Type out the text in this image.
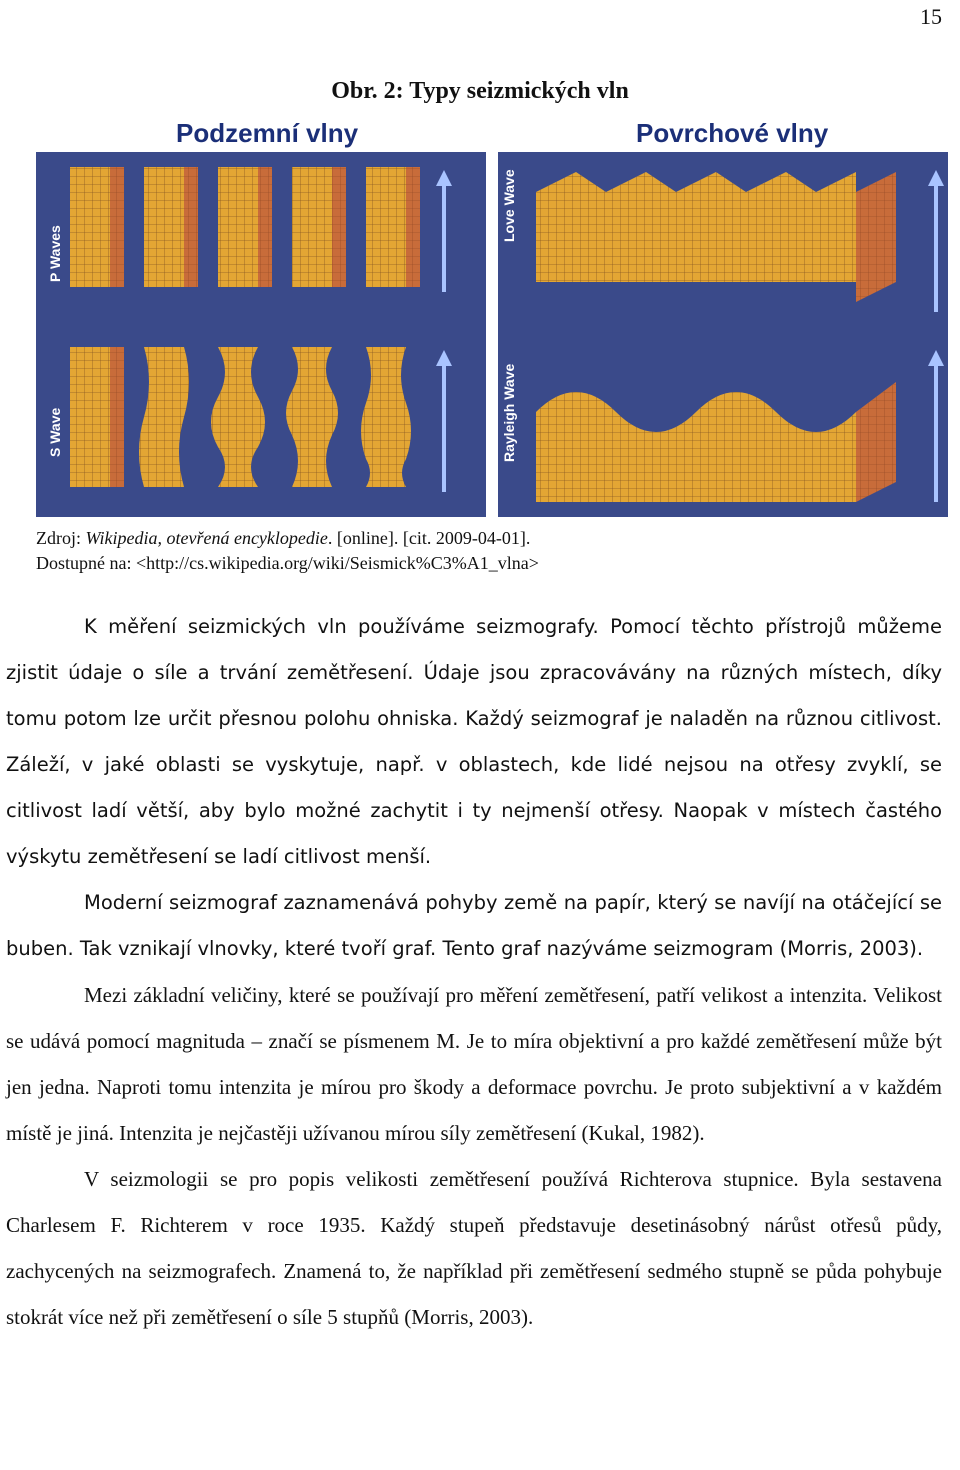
15
Obr. 2: Typy seizmických vln
Podzemní vlny	Povrchové vlny
P Waves
S Wave
Love Wave
Rayleigh Wave
Zdroj: Wikipedia, otevřená encyklopedie. [online]. [cit. 2009-04-01].
Dostupné na: <http://cs.wikipedia.org/wiki/Seismick%C3%A1_vlna>

K měření seizmických vln používáme seizmografy. Pomocí těchto přístrojů můžeme zjistit údaje o síle a trvání zemětřesení. Údaje jsou zpracovávány na různých místech, díky tomu potom lze určit přesnou polohu ohniska. Každý seizmograf je naladěn na různou citlivost. Záleží, v jaké oblasti se vyskytuje, např. v oblastech, kde lidé nejsou na otřesy zvyklí, se citlivost ladí větší, aby bylo možné zachytit i ty nejmenší otřesy. Naopak v místech častého výskytu zemětřesení se ladí citlivost menší.

Moderní seizmograf zaznamenává pohyby země na papír, který se navíjí na otáčející se buben. Tak vznikají vlnovky, které tvoří graf. Tento graf nazýváme seizmogram (Morris, 2003).

Mezi základní veličiny, které se používají pro měření zemětřesení, patří velikost a intenzita. Velikost se udává pomocí magnituda – značí se písmenem M. Je to míra objektivní a pro každé zemětřesení může být jen jedna. Naproti tomu intenzita je mírou pro škody a deformace povrchu. Je proto subjektivní a v každém místě je jiná. Intenzita je nejčastěji užívanou mírou síly zemětřesení (Kukal, 1982).

V seizmologii se pro popis velikosti zemětřesení používá Richterova stupnice. Byla sestavena Charlesem F. Richterem v roce 1935. Každý stupeň představuje desetinásobný nárůst otřesů půdy, zachycených na seizmografech. Znamená to, že například při zemětřesení sedmého stupně se půda pohybuje stokrát více než při zemětřesení o síle 5 stupňů (Morris, 2003).
